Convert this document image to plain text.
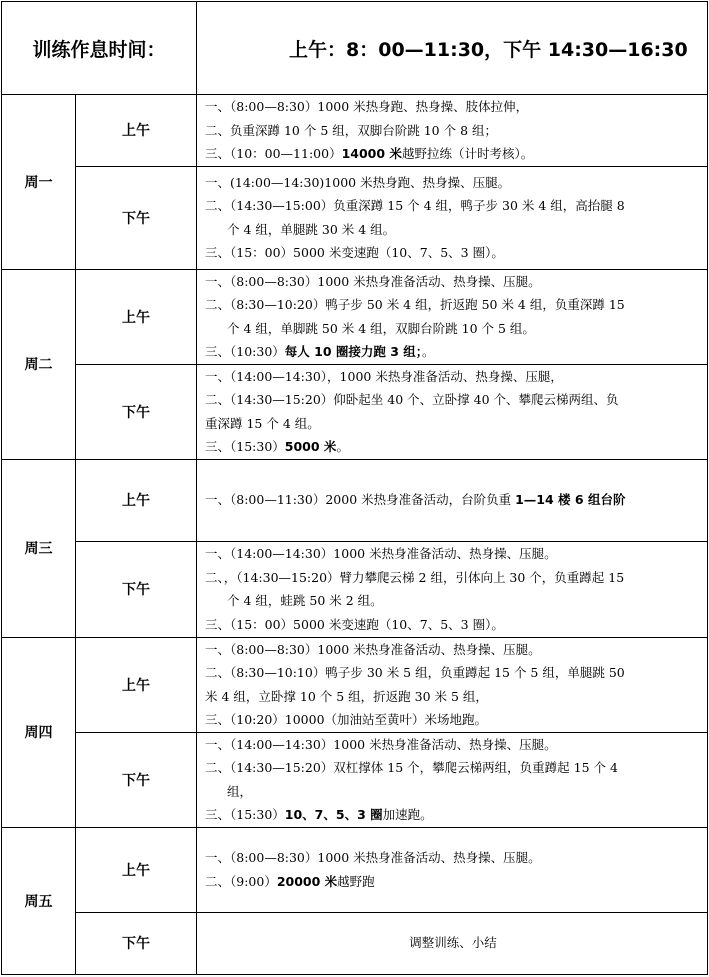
训练作息时间：		上午：8：00—11:30，下午 14:30—16:30
周一	上午	一、（8:00—8:30）1000 米热身跑、热身操、肢体拉伸，
二、负重深蹲 10 个 5 组，双脚台阶跳 10 个 8 组；
三、（10：00—11:00）14000 米越野拉练（计时考核）。

	下午	一、(14:00—14:30)1000 米热身跑、热身操、压腿。
二、（14:30—15:00）负重深蹲 15 个 4 组，鸭子步 30 米 4 组，高抬腿 8
个 4 组，单腿跳 30 米 4 组。
三、（15：00）5000 米变速跑（10、7、5、3 圈）。

周二	上午	一、（8:00—8:30）1000 米热身准备活动、热身操、压腿。
二、（8:30—10:20）鸭子步 50 米 4 组，折返跑 50 米 4 组，负重深蹲 15
个 4 组，单脚跳 50 米 4 组，双脚台阶跳 10 个 5 组。
三、（10:30）每人 10 圈接力跑 3 组；。

	下午	一、（14:00—14:30），1000 米热身准备活动、热身操、压腿，
二、（14:30—15:20）仰卧起坐 40 个、立卧撑 40 个、攀爬云梯两组、负
重深蹲 15 个 4 组。
三、（15:30）5000 米。

周三	上午	一、（8:00—11:30）2000 米热身准备活动，台阶负重 1—14 楼 6 组台阶

	下午	一、（14:00—14:30）1000 米热身准备活动、热身操、压腿。
二、，（14:30—15:20）臂力攀爬云梯 2 组，引体向上 30 个，负重蹲起 15
个 4 组，蛙跳 50 米 2 组。
三、（15：00）5000 米变速跑（10、7、5、3 圈）。

周四	上午	一、（8:00—8:30）1000 米热身准备活动、热身操、压腿。
二、（8:30—10:10）鸭子步 30 米 5 组，负重蹲起 15 个 5 组，单腿跳 50
米 4 组，立卧撑 10 个 5 组，折返跑 30 米 5 组，
三、（10:20）10000（加油站至黄叶）米场地跑。

	下午	一、（14:00—14:30）1000 米热身准备活动、热身操、压腿。
二、（14:30—15:20）双杠撑体 15 个，攀爬云梯两组，负重蹲起 15 个 4
组，
三、（15:30）10、7、5、3 圈加速跑。

周五	上午	一、（8:00—8:30）1000 米热身准备活动、热身操、压腿。
二、（9:00）20000 米越野跑

	下午	调整训练、小结
